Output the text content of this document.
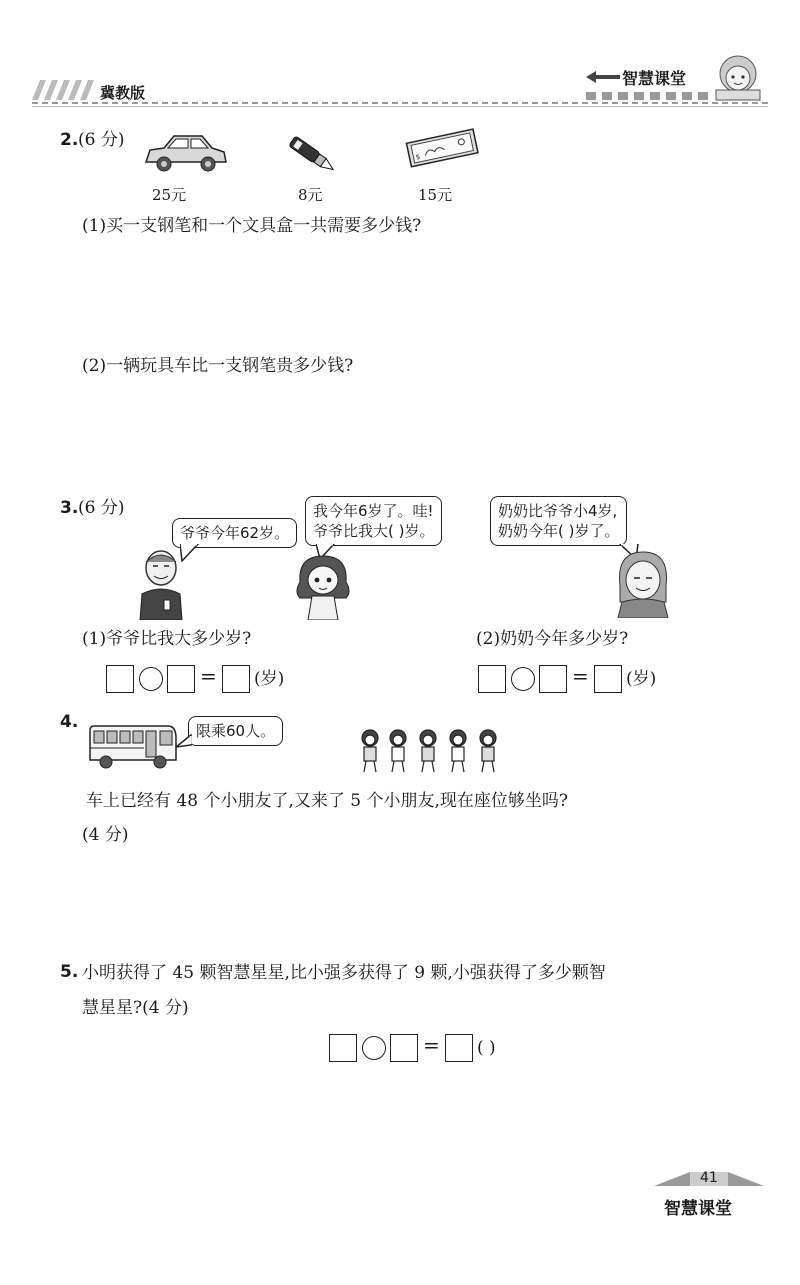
冀教版
智慧课堂
2. (6 分)
$
25元	8元	15元
(1)买一支钢笔和一个文具盒一共需要多少钱?
(2)一辆玩具车比一支钢笔贵多少钱?
3. (6 分)
爷爷今年62岁。
我今年6岁了。哇!
爷爷比我大( )岁。
奶奶比爷爷小4岁,
奶奶今年( )岁了。
(1)爷爷比我大多少岁?	(2)奶奶今年多少岁?
= (岁)	= (岁)
4.	限乘60人。
车上已经有 48 个小朋友了,又来了 5 个小朋友,现在座位够坐吗?
(4 分)
5. 小明获得了 45 颗智慧星星,比小强多获得了 9 颗,小强获得了多少颗智
慧星星?(4 分)
= ( )
41
智慧课堂
